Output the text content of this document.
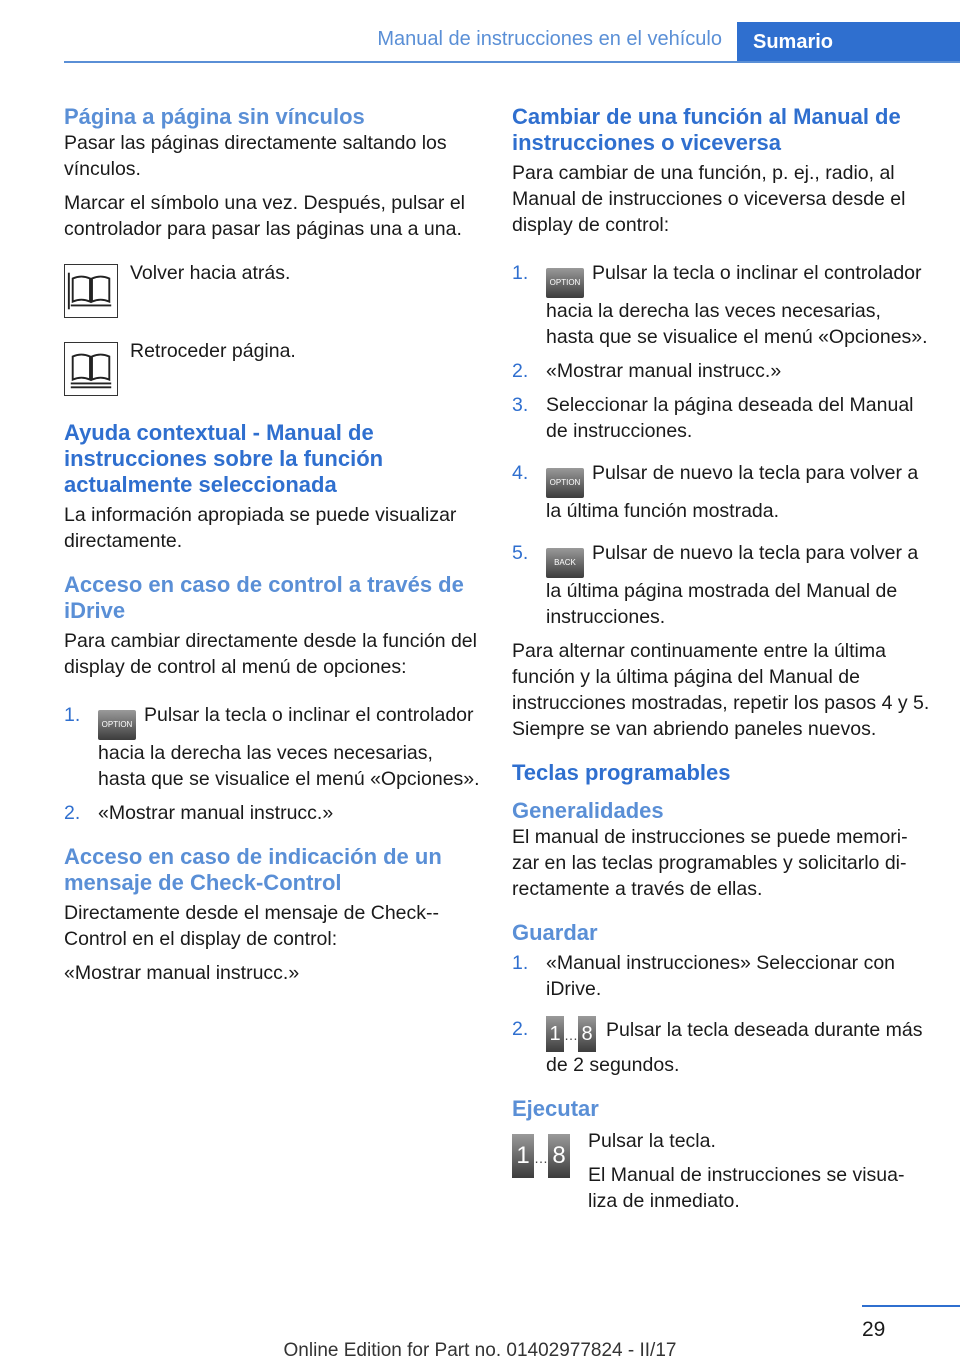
Manual de instrucciones en el vehículo	Sumario
Página a página sin vínculos

Pasar las páginas directamente saltando los vínculos.

Marcar el símbolo una vez. Después, pulsar el controlador para pasar las páginas una a una.

Volver hacia atrás.
Retroceder página.
Ayuda contextual - Manual de instrucciones sobre la función actualmente seleccionada

La información apropiada se puede visualizar directamente.

Acceso en caso de control a través de iDrive

Para cambiar directamente desde la función del display de control al menú de opciones:

1.	OPTION Pulsar la tecla o inclinar el controlador hacia la derecha las veces necesarias, hasta que se visualice el menú «Opciones».
2. «Mostrar manual instrucc.»
Acceso en caso de indicación de un mensaje de Check-Control

Directamente desde el mensaje de Check--Control en el display de control:

«Mostrar manual instrucc.»

Cambiar de una función al Manual de instrucciones o viceversa

Para cambiar de una función, p. ej., radio, al Manual de instrucciones o viceversa desde el display de control:

1.	OPTION Pulsar la tecla o inclinar el controlador hacia la derecha las veces necesarias, hasta que se visualice el menú «Opciones».
2. «Mostrar manual instrucc.»
3. Seleccionar la página deseada del Manual de instrucciones.
4.	OPTION Pulsar de nuevo la tecla para volver a la última función mostrada.
5.	BACK Pulsar de nuevo la tecla para volver a la última página mostrada del Manual de instrucciones.

Para alternar continuamente entre la última función y la última página del Manual de instrucciones mostradas, repetir los pasos 4 y 5. Siempre se van abriendo paneles nuevos.

Teclas programables
Generalidades

El manual de instrucciones se puede memori‐zar en las teclas programables y solicitarlo di‐rectamente a través de ellas.

Guardar
1. «Manual instrucciones» Seleccionar con iDrive.
2. 1 $_\dots$ 8 Pulsar la tecla deseada durante más de 2 segundos.
Ejecutar
1 $_\dots$ 8

Pulsar la tecla.

El Manual de instrucciones se visua‐liza de inmediato.

29
Online Edition for Part no. 01402977824 - II/17
